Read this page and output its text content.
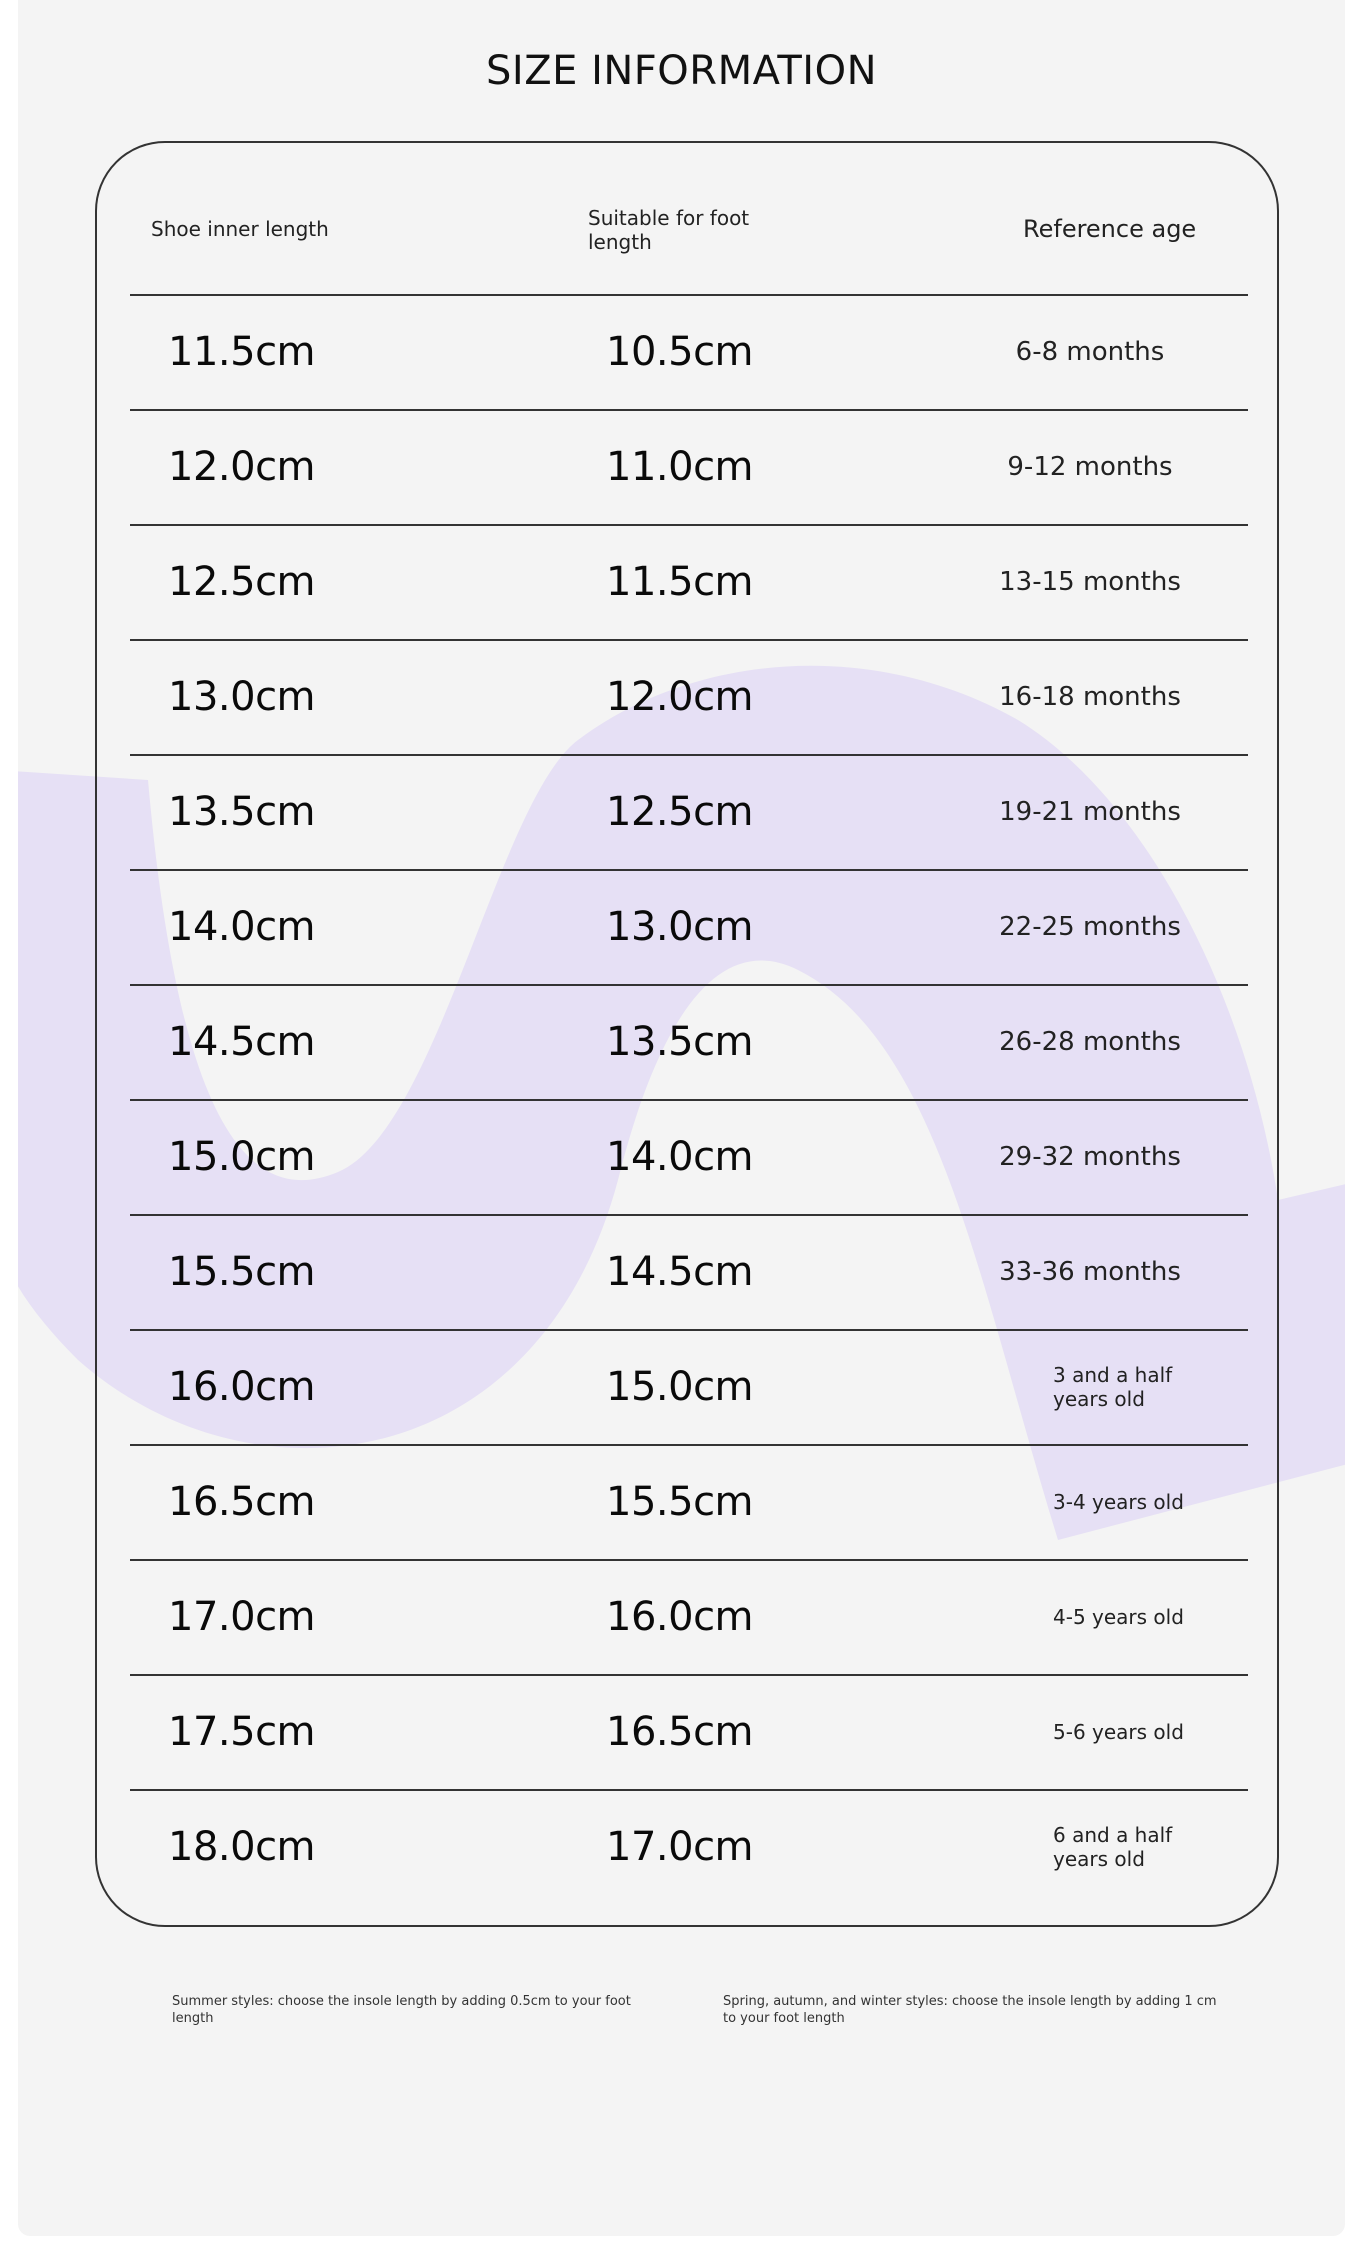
SIZE INFORMATION
Shoe inner length	Suitable for foot length	Reference age
11.5cm	10.5cm	6-8 months
12.0cm	11.0cm	9-12 months
12.5cm	11.5cm	13-15 months
13.0cm	12.0cm	16-18 months
13.5cm	12.5cm	19-21 months
14.0cm	13.0cm	22-25 months
14.5cm	13.5cm	26-28 months
15.0cm	14.0cm	29-32 months
15.5cm	14.5cm	33-36 months
16.0cm	15.0cm	3 and a half years old
16.5cm	15.5cm	3-4 years old
17.0cm	16.0cm	4-5 years old
17.5cm	16.5cm	5-6 years old
18.0cm	17.0cm	6 and a half years old
Summer styles: choose the insole length by adding 0.5cm to your foot length
Spring, autumn, and winter styles: choose the insole length by adding 1 cm to your foot length
